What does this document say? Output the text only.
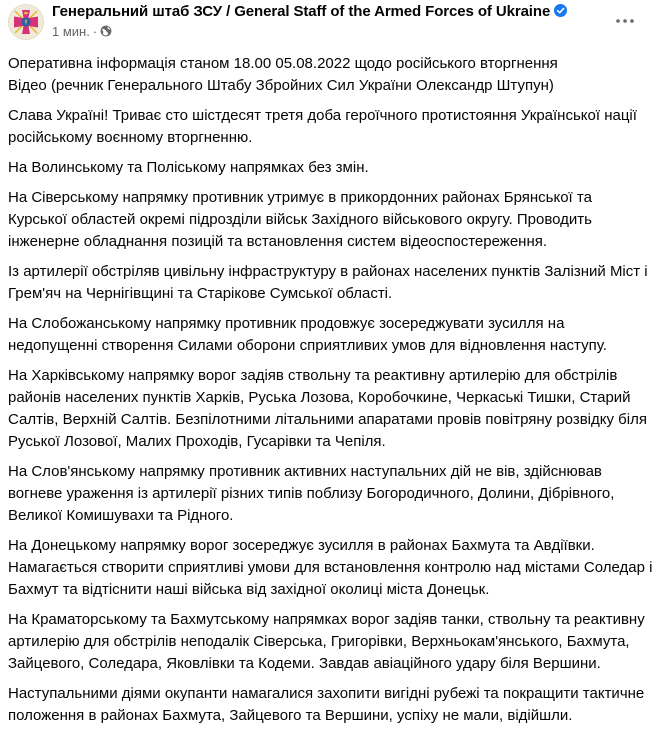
Генеральний штаб ЗСУ / General Staff of the Armed Forces of Ukraine
1 мин. ·

Оперативна інформація станом 18.00 05.08.2022 щодо російського вторгнення
Відео (речник Генерального Штабу Збройних Сил України Олександр Штупун)

Слава Україні! Триває сто шістдесят третя доба героїчного протистояння Української нації
російському воєнному вторгненню.

На Волинському та Поліському напрямках без змін.

На Сіверському напрямку противник утримує в прикордонних районах Брянської та
Курської областей окремі підрозділи військ Західного військового округу. Проводить
інженерне обладнання позицій та встановлення систем відеоспостереження.

Із артилерії обстріляв цивільну інфраструктуру в районах населених пунктів Залізний Міст і
Грем'яч на Чернігівщині та Старікове Сумської області.

На Слобожанському напрямку противник продовжує зосереджувати зусилля на
недопущенні створення Силами оборони сприятливих умов для відновлення наступу.

На Харківському напрямку ворог задіяв ствольну та реактивну артилерію для обстрілів
районів населених пунктів Харків, Руська Лозова, Коробочкине, Черкаські Тишки, Старий
Салтів, Верхній Салтів. Безпілотними літальними апаратами провів повітряну розвідку біля
Руської Лозової, Малих Проходів, Гусарівки та Чепіля.

На Слов'янському напрямку противник активних наступальних дій не вів, здійснював
вогневе ураження із артилерії різних типів поблизу Богородичного, Долини, Дібрівного,
Великої Комишувахи та Рідного.

На Донецькому напрямку ворог зосереджує зусилля в районах Бахмута та Авдіївки.
Намагається створити сприятливі умови для встановлення контролю над містами Соледар і
Бахмут та відтіснити наші війська від західної околиці міста Донецьк.

На Краматорському та Бахмутському напрямках ворог задіяв танки, ствольну та реактивну
артилерію для обстрілів неподалік Сіверська, Григорівки, Верхньокам'янського, Бахмута,
Зайцевого, Соледара, Яковлівки та Кодеми. Завдав авіаційного удару біля Вершини.

Наступальними діями окупанти намагалися захопити вигідні рубежі та покращити тактичне
положення в районах Бахмута, Зайцевого та Вершини, успіху не мали, відійшли.
